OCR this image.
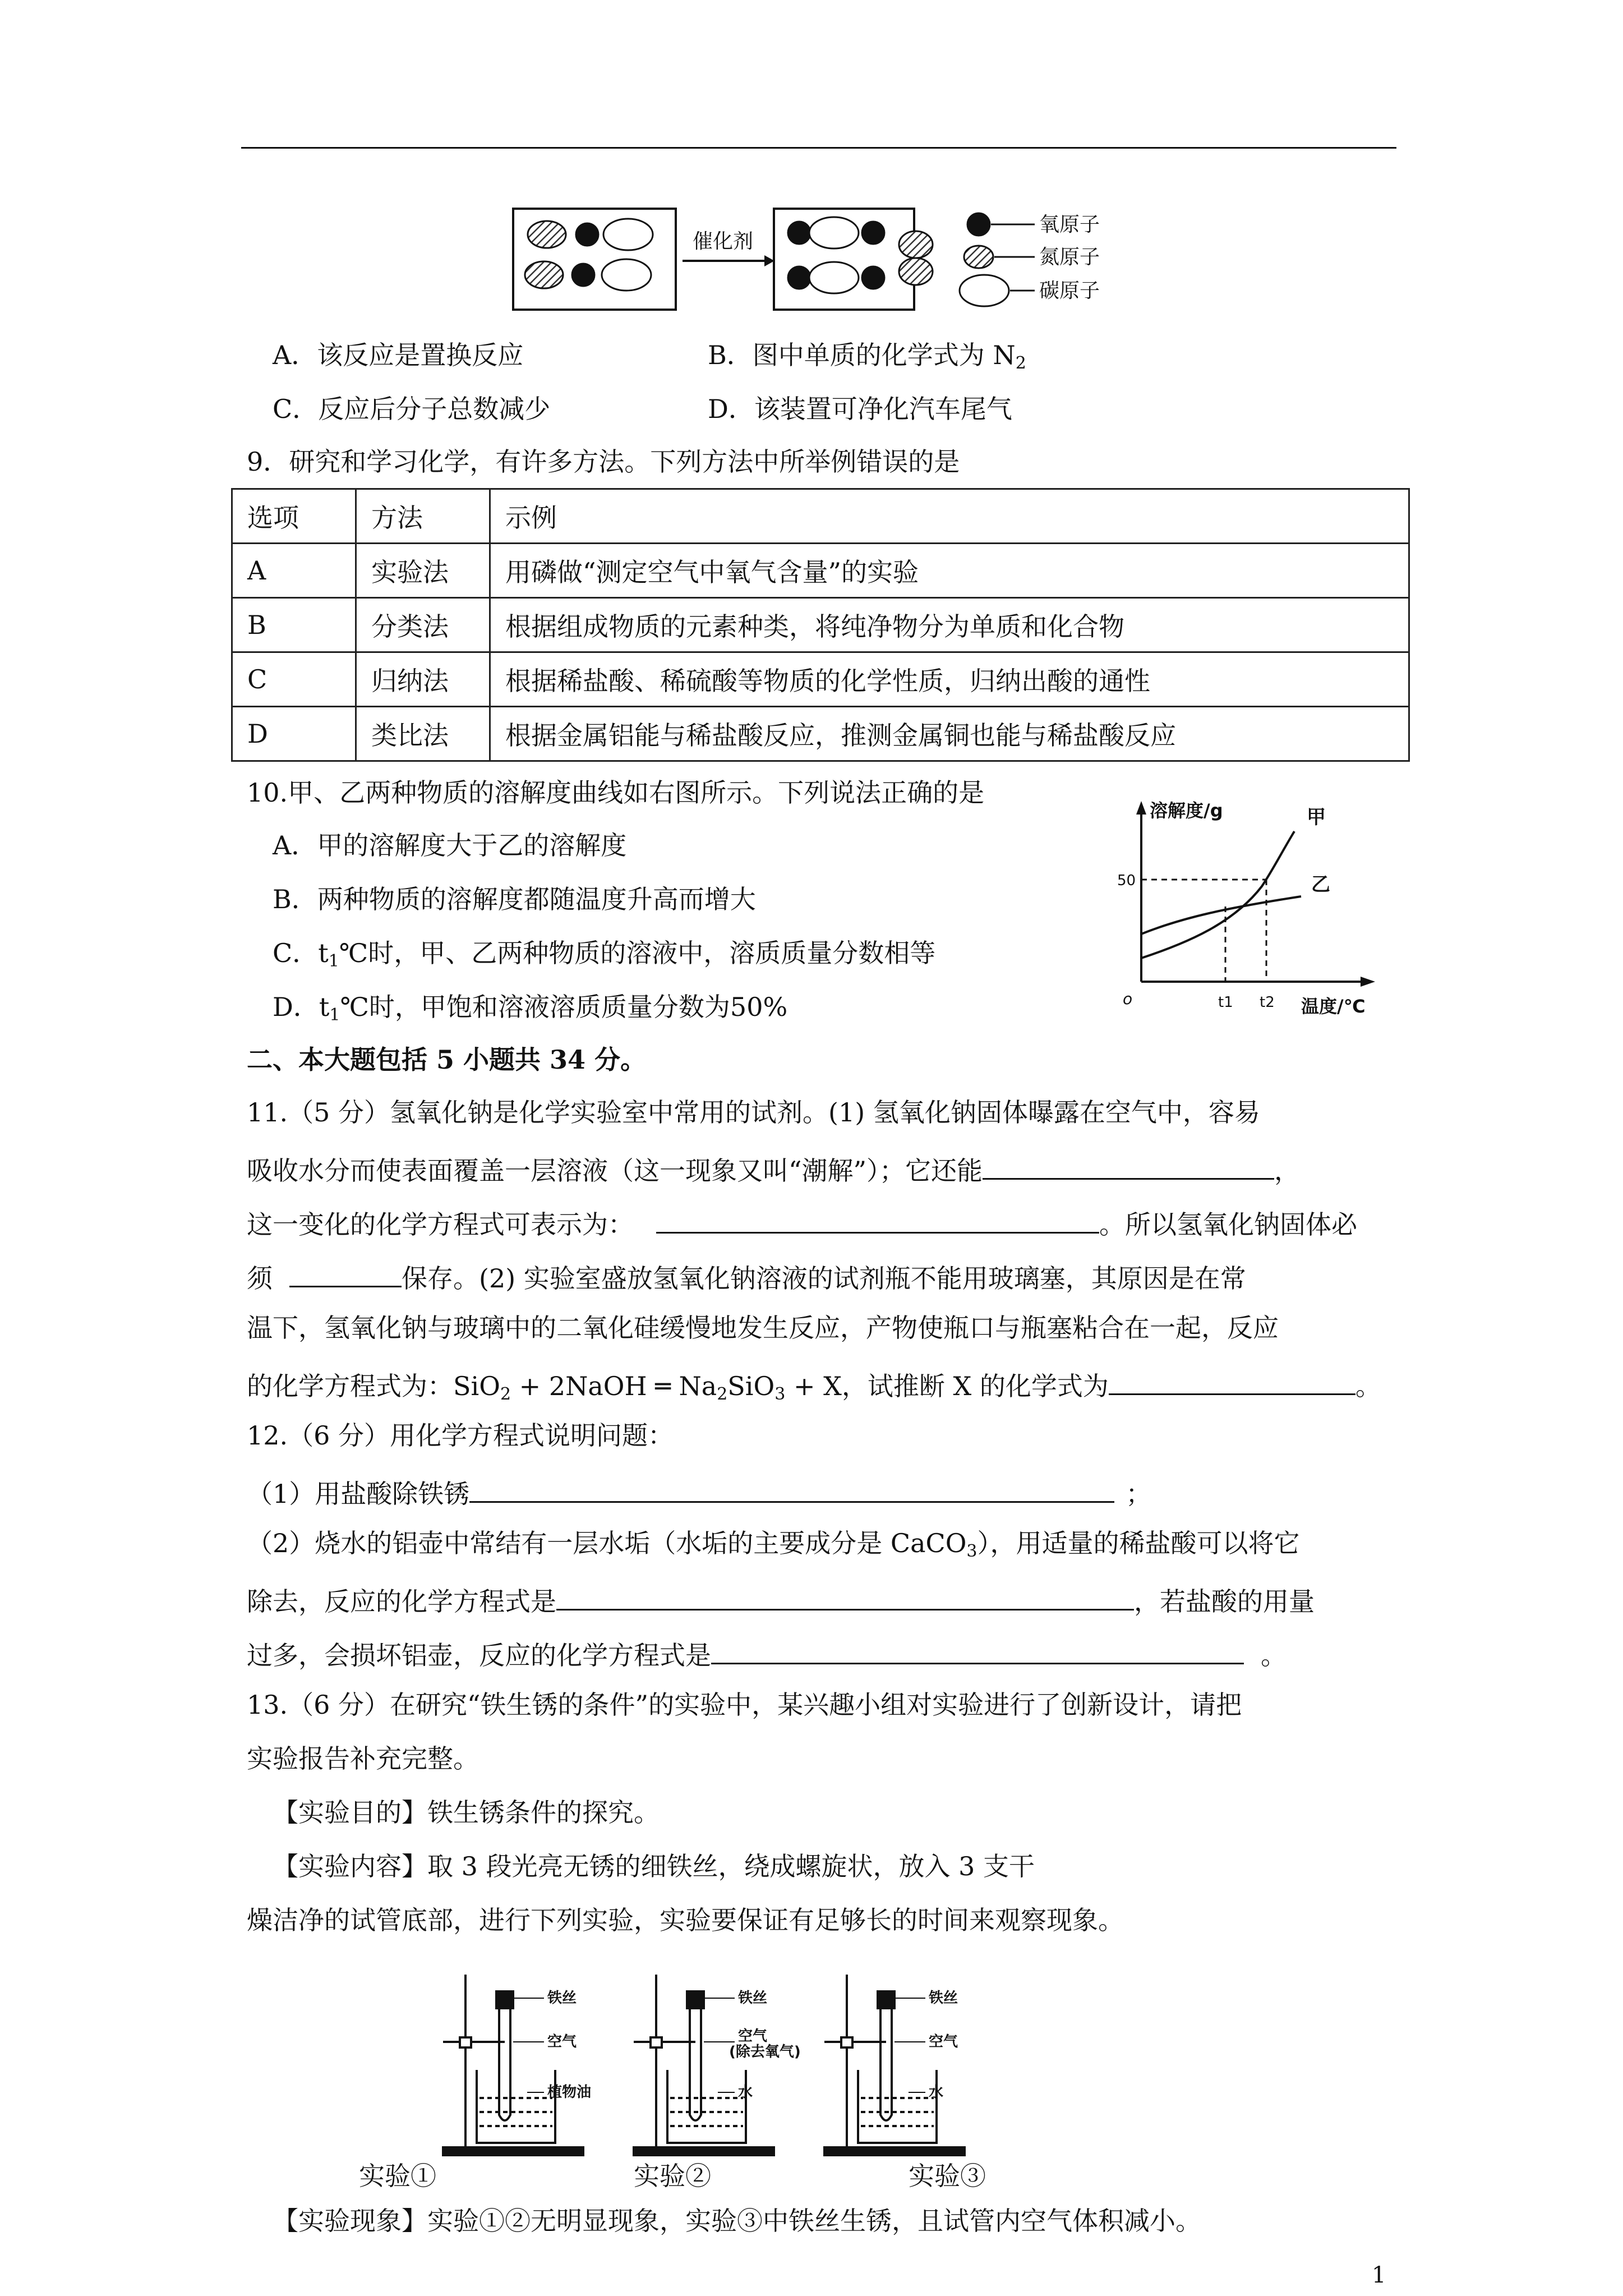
催化剂
氧原子
氮原子
碳原子
A．该反应是置换反应	B．图中单质的化学式为 $N_2$
C．反应后分子总数减少	D．该装置可净化汽车尾气
9．研究和学习化学，有许多方法。下列方法中所举例错误的是
选项	方法	示例
A	实验法	用磷做“测定空气中氧气含量”的实验
B	分类法	根据组成物质的元素种类，将纯净物分为单质和化合物
C	归纳法	根据稀盐酸、稀硫酸等物质的化学性质，归纳出酸的通性
D	类比法	根据金属铝能与稀盐酸反应，推测金属铜也能与稀盐酸反应
10.甲、乙两种物质的溶解度曲线如右图所示。下列说法正确的是
A．甲的溶解度大于乙的溶解度
B．两种物质的溶解度都随温度升高而增大
C．$t_1℃$时，甲、乙两种物质的溶液中，溶质质量分数相等
D．$t_1℃$时，甲饱和溶液溶质质量分数为50%
溶解度/g
50
o	t1 t2 温度/℃
甲
乙
二、本大题包括 5 小题共 34 分。
11.（5 分）氢氧化钠是化学实验室中常用的试剂。(1) 氢氧化钠固体曝露在空气中，容易
吸收水分而使表面覆盖一层溶液（这一现象又叫“潮解”）；它还能	，
这一变化的化学方程式可表示为：	。所以氢氧化钠固体必
须	保存。(2) 实验室盛放氢氧化钠溶液的试剂瓶不能用玻璃塞，其原因是在常
温下，氢氧化钠与玻璃中的二氧化硅缓慢地发生反应，产物使瓶口与瓶塞粘合在一起，反应
的化学方程式为：SiO$_2$ + 2NaOH ═ $Na_2SiO_3 + X$，试推断 X 的化学式为	。
12.（6 分）用化学方程式说明问题：
（1）用盐酸除铁锈	；
（2）烧水的铝壶中常结有一层水垢（水垢的主要成分是 CaCO$_3$），用适量的稀盐酸可以将它
除去，反应的化学方程式是	，若盐酸的用量
过多，会损坏铝壶，反应的化学方程式是	。
13.（6 分）在研究“铁生锈的条件”的实验中，某兴趣小组对实验进行了创新设计，请把
实验报告补充完整。
【实验目的】铁生锈条件的探究。
【实验内容】取 3 段光亮无锈的细铁丝，绕成螺旋状，放入 3 支干
燥洁净的试管底部，进行下列实验，实验要保证有足够长的时间来观察现象。
铁丝
空气
植物油
铁丝
空气
(除去氧气)
水
铁丝
空气
水
实验①	实验②	实验③
【实验现象】实验①②无明显现象，实验③中铁丝生锈，且试管内空气体积减小。
1
